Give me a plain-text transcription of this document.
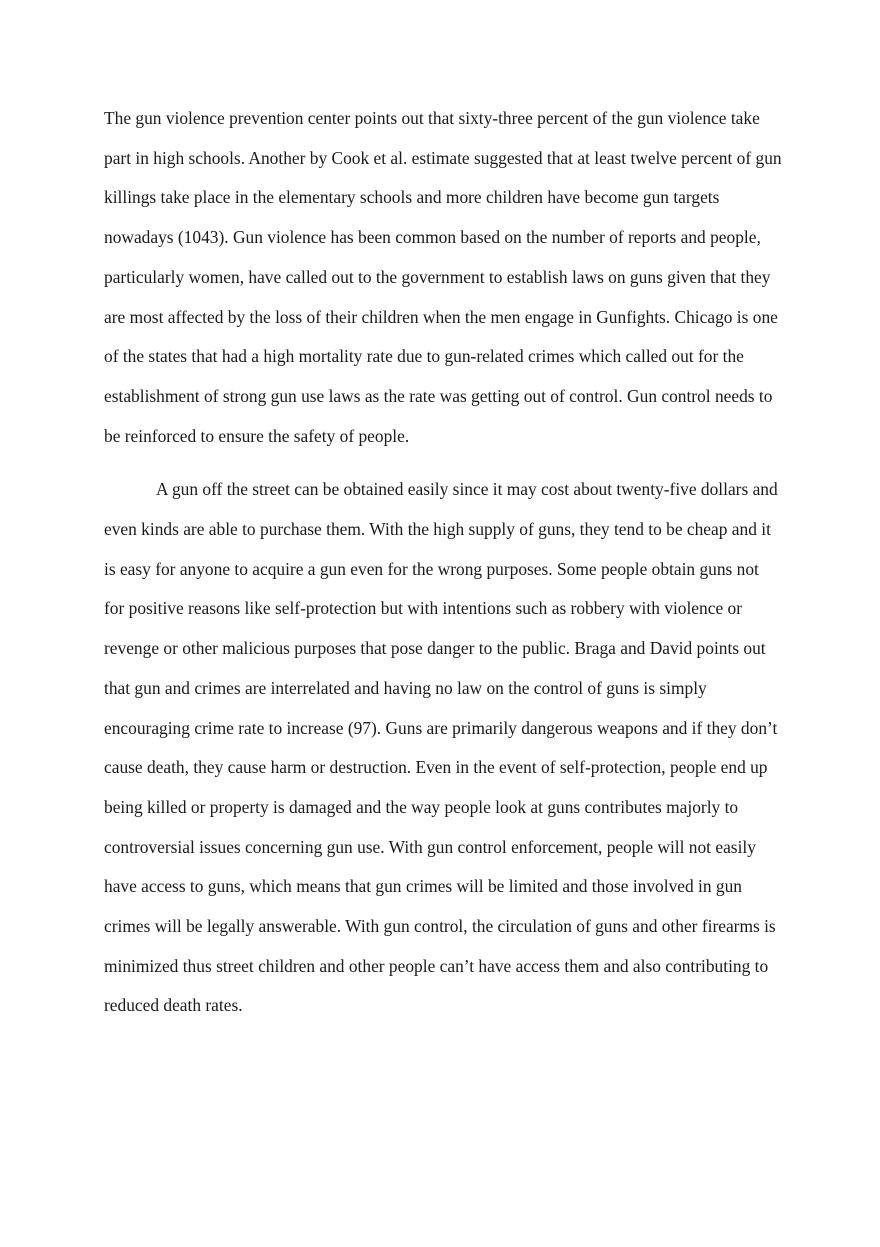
The gun violence prevention center points out that sixty-three percent of the gun violence take
part in high schools. Another by Cook et al. estimate suggested that at least twelve percent of gun
killings take place in the elementary schools and more children have become gun targets
nowadays (1043). Gun violence has been common based on the number of reports and people,
particularly women, have called out to the government to establish laws on guns given that they
are most affected by the loss of their children when the men engage in Gunfights. Chicago is one
of the states that had a high mortality rate due to gun-related crimes which called out for the
establishment of strong gun use laws as the rate was getting out of control. Gun control needs to
be reinforced to ensure the safety of people.

A gun off the street can be obtained easily since it may cost about twenty-five dollars and
even kinds are able to purchase them. With the high supply of guns, they tend to be cheap and it
is easy for anyone to acquire a gun even for the wrong purposes. Some people obtain guns not
for positive reasons like self-protection but with intentions such as robbery with violence or
revenge or other malicious purposes that pose danger to the public. Braga and David points out
that gun and crimes are interrelated and having no law on the control of guns is simply
encouraging crime rate to increase (97). Guns are primarily dangerous weapons and if they don’t
cause death, they cause harm or destruction. Even in the event of self-protection, people end up
being killed or property is damaged and the way people look at guns contributes majorly to
controversial issues concerning gun use. With gun control enforcement, people will not easily
have access to guns, which means that gun crimes will be limited and those involved in gun
crimes will be legally answerable. With gun control, the circulation of guns and other firearms is
minimized thus street children and other people can’t have access them and also contributing to
reduced death rates.
